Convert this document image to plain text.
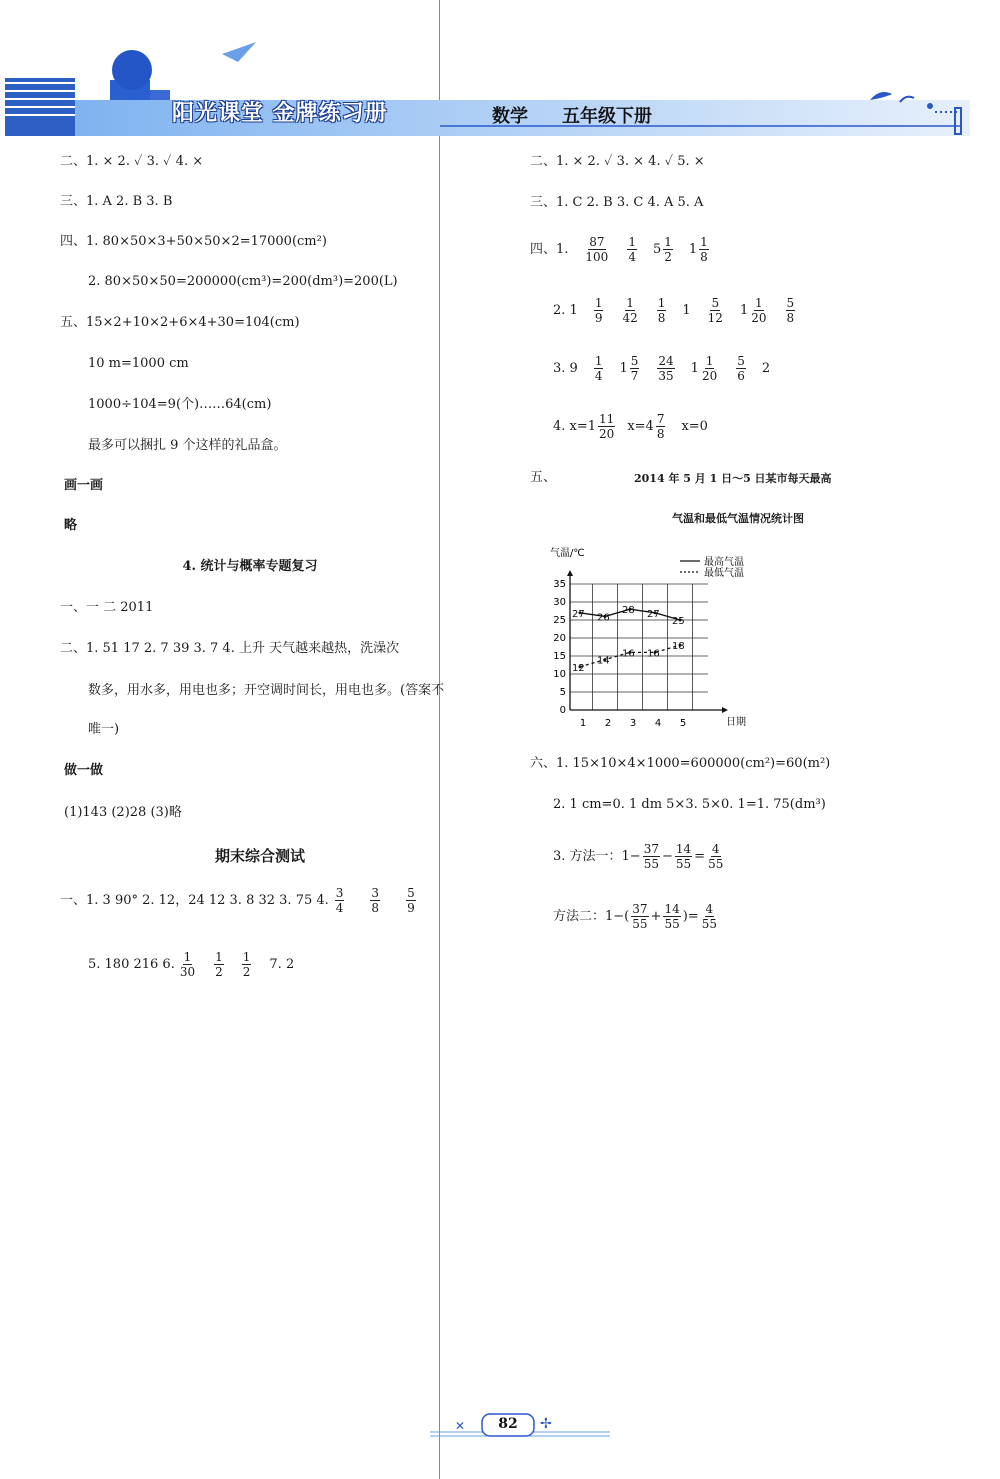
阳光课堂 金牌练习册	数学 五年级下册
二、1. × 2. ✓ 3. ✓ 4. ×
三、1. A 2. B 3. B
四、1. 80×50×3+50×50×2=17000(cm²)
2. 80×50×50=200000(cm³)=200(dm³)=200(L)
五、15×2+10×2+6×4+30=104(cm)
10 m=1000 cm
1000÷104=9(个)……64(cm)
最多可以捆扎 9 个这样的礼品盒。
画一画
略
4. 统计与概率专题复习
一、一 二 2011
二、1. 51 17 2. 7 39 3. 7 4. 上升 天气越来越热，洗澡次
数多，用水多，用电也多；开空调时间长，用电也多。(答案不
唯一)
做一做
(1)143 (2)28 (3)略
期末综合测试
一、1. 3 90° 2. 12，24 12 3. 8 32 3. 75 4. $\frac{3}{4} \frac{3}{8} \frac{5}{9}$
5. 180 216 6. $\frac{1}{30} \frac{1}{2} \frac{1}{2} 7$. 2
二、1. × 2. ✓ 3. × 4. ✓ 5. ×
三、1. C 2. B 3. C 4. A 5. A
四、1. $\frac{87}{100} \frac{1}{4} 5 \frac{1}{2} 1 \frac{1}{8}$
2. $1 \frac{1}{9} \frac{1}{42} \frac{1}{8} 1 \frac{5}{12} 1 \frac{1}{20} \frac{5}{8}$
3. $9 \frac{1}{4} 1 \frac{5}{7} \frac{24}{35} 1 \frac{1}{20} \frac{5}{6} 2$
4. $x=1 \frac{11}{20} x=4 \frac{7}{8} x=0$
五、	2014 年 5 月 1 日～5 日某市每天最高
气温和最低气温情况统计图
气温/℃
日期
0
5
10
15
20
25
30
35
1 2 3 4 5
27 26
28 27
25
12
14
16 16
18
最高气温
最低气温
六、1. 15×10×4×1000=600000(cm²)=60(m²)
2. 1 cm=0. 1 dm 5×3. 5×0. 1=1. 75(dm³)
3. 方法一：$1- \frac{37}{55} - \frac{14}{55} = \frac{4}{55}$
方法二：$1-( \frac{37}{55} + \frac{14}{55}$ )= $\frac{4}{55}$
✕	✢
82
